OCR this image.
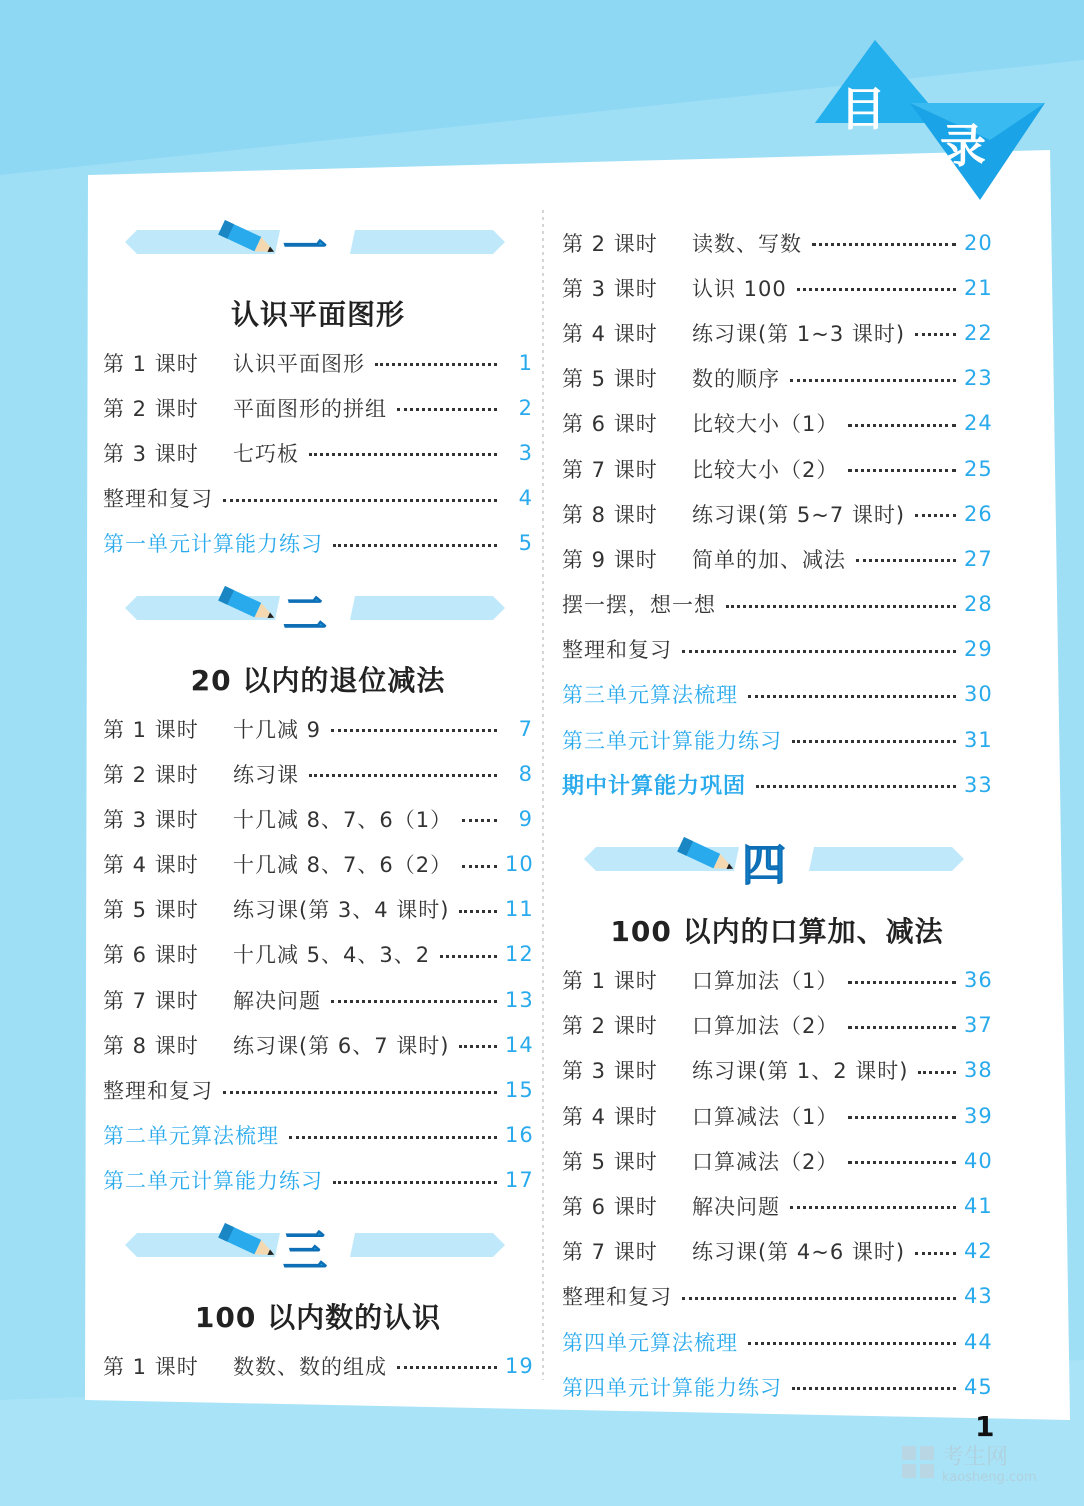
目
录
一
认识平面图形
第 1 课时	认识平面图形	1
第 2 课时	平面图形的拼组	2
第 3 课时	七巧板	3
整理和复习	4
第一单元计算能力练习	5
二
20 以内的退位减法
第 1 课时	十几减 9	7
第 2 课时	练习课	8
第 3 课时	十几减 8、7、6（1）	9
第 4 课时	十几减 8、7、6（2）	10
第 5 课时	练习课(第 3、4 课时)	11
第 6 课时	十几减 5、4、3、2	12
第 7 课时	解决问题	13
第 8 课时	练习课(第 6、7 课时)	14
整理和复习	15
第二单元算法梳理	16
第二单元计算能力练习	17
三
100 以内数的认识
第 1 课时	数数、数的组成	19
第 2 课时	读数、写数	20
第 3 课时	认识 100	21
第 4 课时	练习课(第 1~3 课时)	22
第 5 课时	数的顺序	23
第 6 课时	比较大小（1）	24
第 7 课时	比较大小（2）	25
第 8 课时	练习课(第 5~7 课时)	26
第 9 课时	简单的加、减法	27
摆一摆，想一想	28
整理和复习	29
第三单元算法梳理	30
第三单元计算能力练习	31
期中计算能力巩固	33
四
100 以内的口算加、减法
第 1 课时	口算加法（1）	36
第 2 课时	口算加法（2）	37
第 3 课时	练习课(第 1、2 课时)	38
第 4 课时	口算减法（1）	39
第 5 课时	口算减法（2）	40
第 6 课时	解决问题	41
第 7 课时	练习课(第 4~6 课时)	42
整理和复习	43
第四单元算法梳理	44
第四单元计算能力练习	45
1
考生网
kaosheng.com
